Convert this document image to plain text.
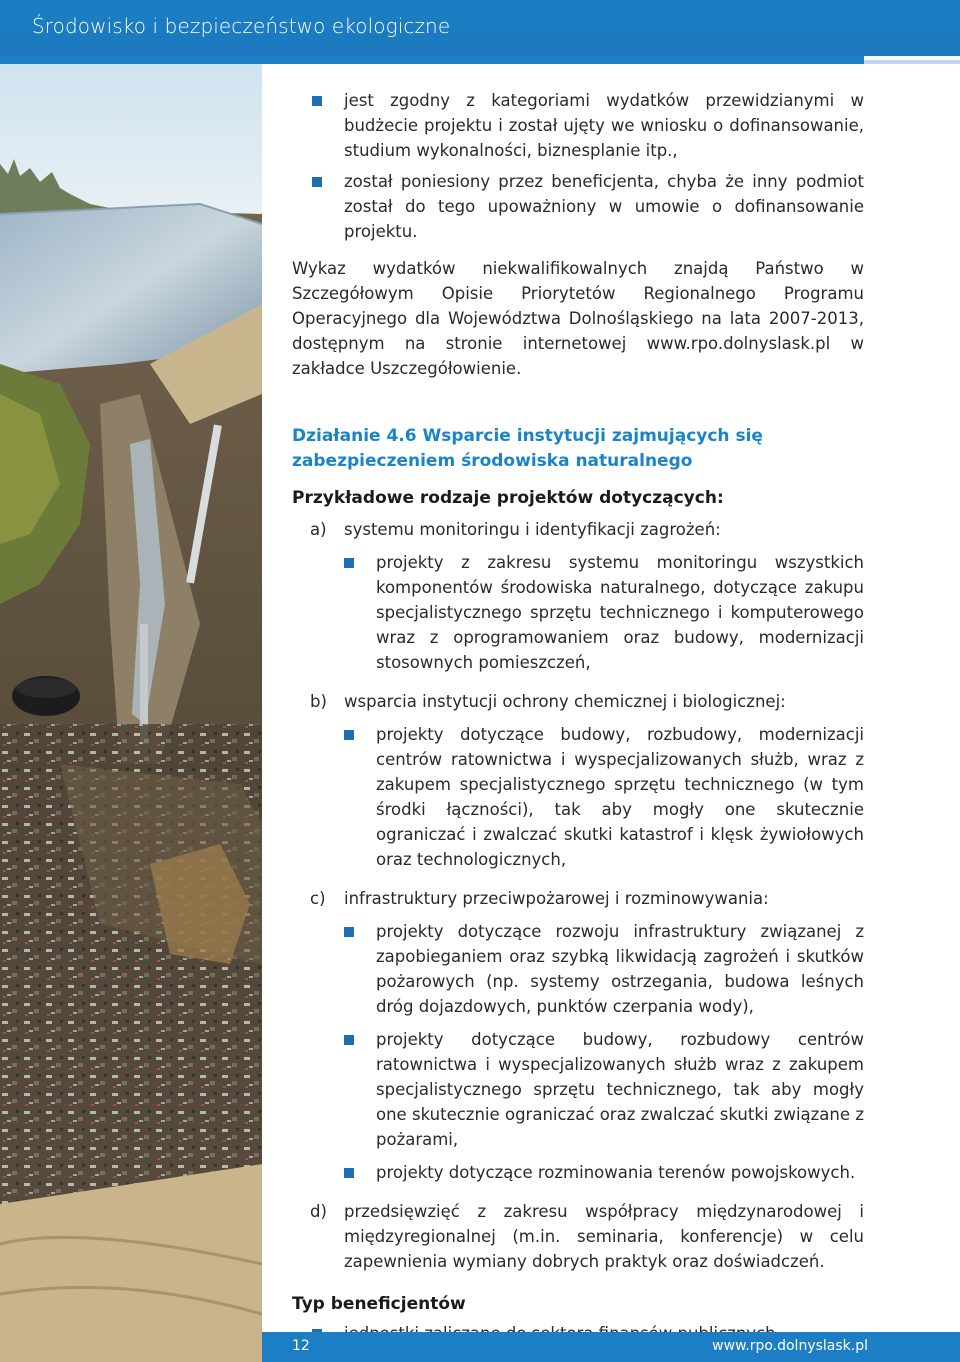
Środowisko i bezpieczeństwo ekologiczne
jest zgodny z kategoriami wydatków przewidzianymi w budżecie projektu i został ujęty we wniosku o dofinansowanie, studium wykonalności, biznesplanie itp.,
został poniesiony przez beneficjenta, chyba że inny podmiot został do tego upoważniony w umowie o dofinansowanie projektu.
Wykaz wydatków niekwalifikowalnych znajdą Państwo w Szczegółowym Opisie Priorytetów Regionalnego Programu Operacyjnego dla Województwa Dolnośląskiego na lata 2007-2013, dostępnym na stronie internetowej www.rpo.dolnyslask.pl w zakładce Uszczegółowienie.
Działanie 4.6 Wsparcie instytucji zajmujących się zabezpieczeniem środowiska naturalnego
Przykładowe rodzaje projektów dotyczących:
a) systemu monitoringu i identyfikacji zagrożeń:
projekty z zakresu systemu monitoringu wszystkich komponentów środowiska naturalnego, dotyczące zakupu specjalistycznego sprzętu technicznego i komputerowego wraz z oprogramowaniem oraz budowy, modernizacji stosownych pomieszczeń,
b) wsparcia instytucji ochrony chemicznej i biologicznej:
projekty dotyczące budowy, rozbudowy, modernizacji centrów ratownictwa i wyspecjalizowanych służb, wraz z zakupem specjalistycznego sprzętu technicznego (w tym środki łączności), tak aby mogły one skutecznie ograniczać i zwalczać skutki katastrof i klęsk żywiołowych oraz technologicznych,
c) infrastruktury przeciwpożarowej i rozminowywania:
projekty dotyczące rozwoju infrastruktury związanej z zapobieganiem oraz szybką likwidacją zagrożeń i skutków pożarowych (np. systemy ostrzegania, budowa leśnych dróg dojazdowych, punktów czerpania wody),
projekty dotyczące budowy, rozbudowy centrów ratownictwa i wyspecjalizowanych służb wraz z zakupem specjalistycznego sprzętu technicznego, tak aby mogły one skutecznie ograniczać oraz zwalczać skutki związane z pożarami,
projekty dotyczące rozminowania terenów powojskowych.
d) przedsięwzięć z zakresu współpracy międzynarodowej i międzyregionalnej (m.in. seminaria, konferencje) w celu zapewnienia wymiany dobrych praktyk oraz doświadczeń.
Typ beneficjentów
12	www.rpo.dolnyslask.pl
